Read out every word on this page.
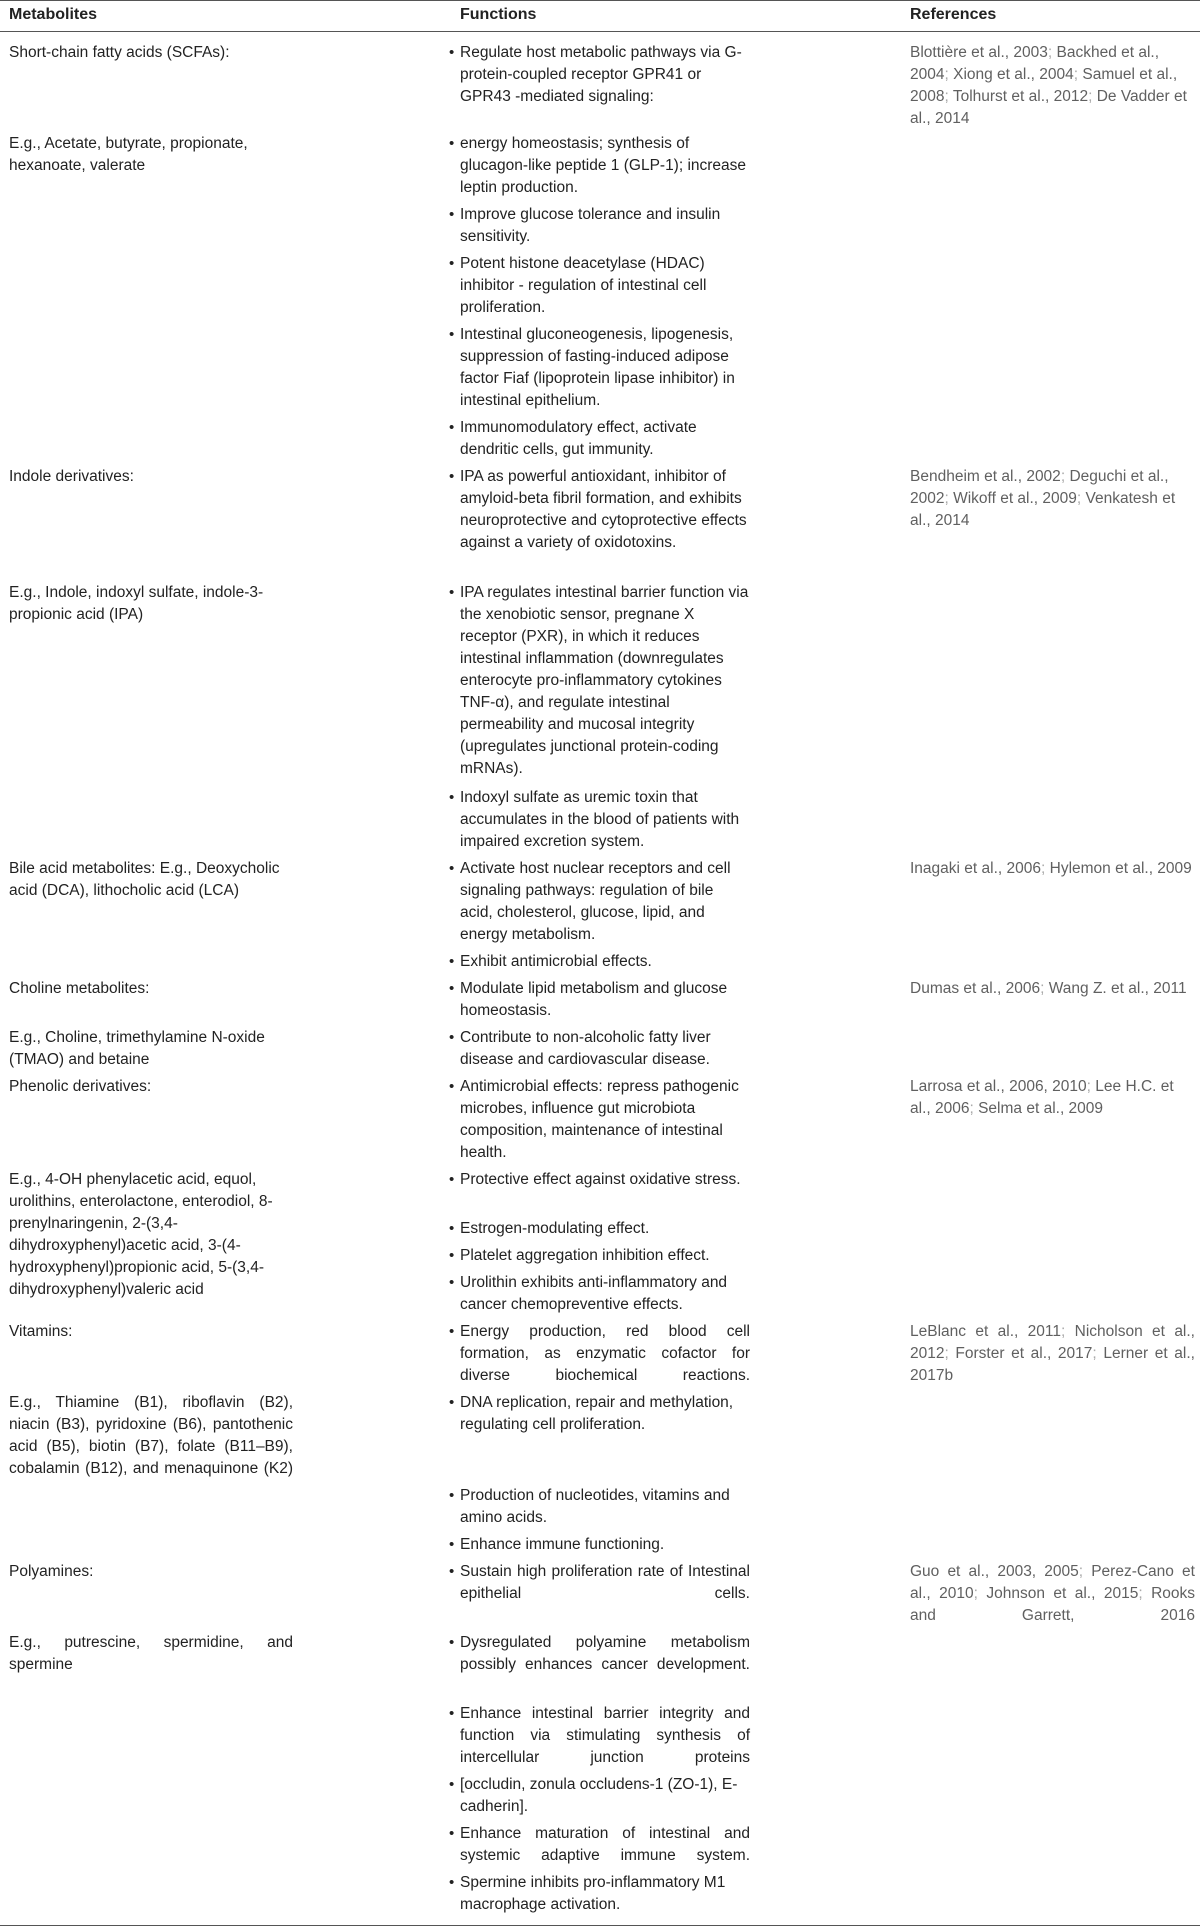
Metabolites	Functions	References
Short-chain fatty acids (SCFAs):
E.g., Acetate, butyrate, propionate, hexanoate, valerate
• Regulate host metabolic pathways via G-protein-coupled receptor GPR41 or GPR43 -mediated signaling:
• energy homeostasis; synthesis of glucagon-like peptide 1 (GLP-1); increase leptin production.
• Improve glucose tolerance and insulin sensitivity.
• Potent histone deacetylase (HDAC) inhibitor - regulation of intestinal cell proliferation.
• Intestinal gluconeogenesis, lipogenesis, suppression of fasting-induced adipose factor Fiaf (lipoprotein lipase inhibitor) in intestinal epithelium.
• Immunomodulatory effect, activate dendritic cells, gut immunity.
Blottière et al., 2003; Backhed et al., 2004; Xiong et al., 2004; Samuel et al., 2008; Tolhurst et al., 2012; De Vadder et al., 2014
Indole derivatives:
E.g., Indole, indoxyl sulfate, indole-3-propionic acid (IPA)
• IPA as powerful antioxidant, inhibitor of amyloid-beta fibril formation, and exhibits neuroprotective and cytoprotective effects against a variety of oxidotoxins.
• IPA regulates intestinal barrier function via the xenobiotic sensor, pregnane X receptor (PXR), in which it reduces intestinal inflammation (downregulates enterocyte pro-inflammatory cytokines TNF-α), and regulate intestinal permeability and mucosal integrity (upregulates junctional protein-coding mRNAs).
• Indoxyl sulfate as uremic toxin that accumulates in the blood of patients with impaired excretion system.
Bendheim et al., 2002; Deguchi et al., 2002; Wikoff et al., 2009; Venkatesh et al., 2014
Bile acid metabolites: E.g., Deoxycholic acid (DCA), lithocholic acid (LCA)
• Activate host nuclear receptors and cell signaling pathways: regulation of bile acid, cholesterol, glucose, lipid, and energy metabolism.
• Exhibit antimicrobial effects.
Inagaki et al., 2006; Hylemon et al., 2009
Choline metabolites:
E.g., Choline, trimethylamine N-oxide (TMAO) and betaine
• Modulate lipid metabolism and glucose homeostasis.
• Contribute to non-alcoholic fatty liver disease and cardiovascular disease.
Dumas et al., 2006; Wang Z. et al., 2011
Phenolic derivatives:
E.g., 4-OH phenylacetic acid, equol, urolithins, enterolactone, enterodiol, 8-prenylnaringenin, 2-(3,4-dihydroxyphenyl)acetic acid, 3-(4-hydroxyphenyl)propionic acid, 5-(3,4-dihydroxyphenyl)valeric acid
• Antimicrobial effects: repress pathogenic microbes, influence gut microbiota composition, maintenance of intestinal health.
• Protective effect against oxidative stress.
• Estrogen-modulating effect.
• Platelet aggregation inhibition effect.
• Urolithin exhibits anti-inflammatory and cancer chemopreventive effects.
Larrosa et al., 2006, 2010; Lee H.C. et al., 2006; Selma et al., 2009
Vitamins:
E.g., Thiamine (B1), riboflavin (B2), niacin (B3), pyridoxine (B6), pantothenic acid (B5), biotin (B7), folate (B11–B9), cobalamin (B12), and menaquinone (K2)
• Energy production, red blood cell formation, as enzymatic cofactor for diverse biochemical reactions.
• DNA replication, repair and methylation, regulating cell proliferation.
• Production of nucleotides, vitamins and amino acids.
• Enhance immune functioning.
LeBlanc et al., 2011; Nicholson et al., 2012; Forster et al., 2017; Lerner et al., 2017b
Polyamines:
E.g., putrescine, spermidine, and spermine
• Sustain high proliferation rate of Intestinal epithelial cells.
• Dysregulated polyamine metabolism possibly enhances cancer development.
• Enhance intestinal barrier integrity and function via stimulating synthesis of intercellular junction proteins
• [occludin, zonula occludens-1 (ZO-1), E-cadherin].
• Enhance maturation of intestinal and systemic adaptive immune system.
• Spermine inhibits pro-inflammatory M1 macrophage activation.
Guo et al., 2003, 2005; Perez-Cano et al., 2010; Johnson et al., 2015; Rooks and Garrett, 2016
